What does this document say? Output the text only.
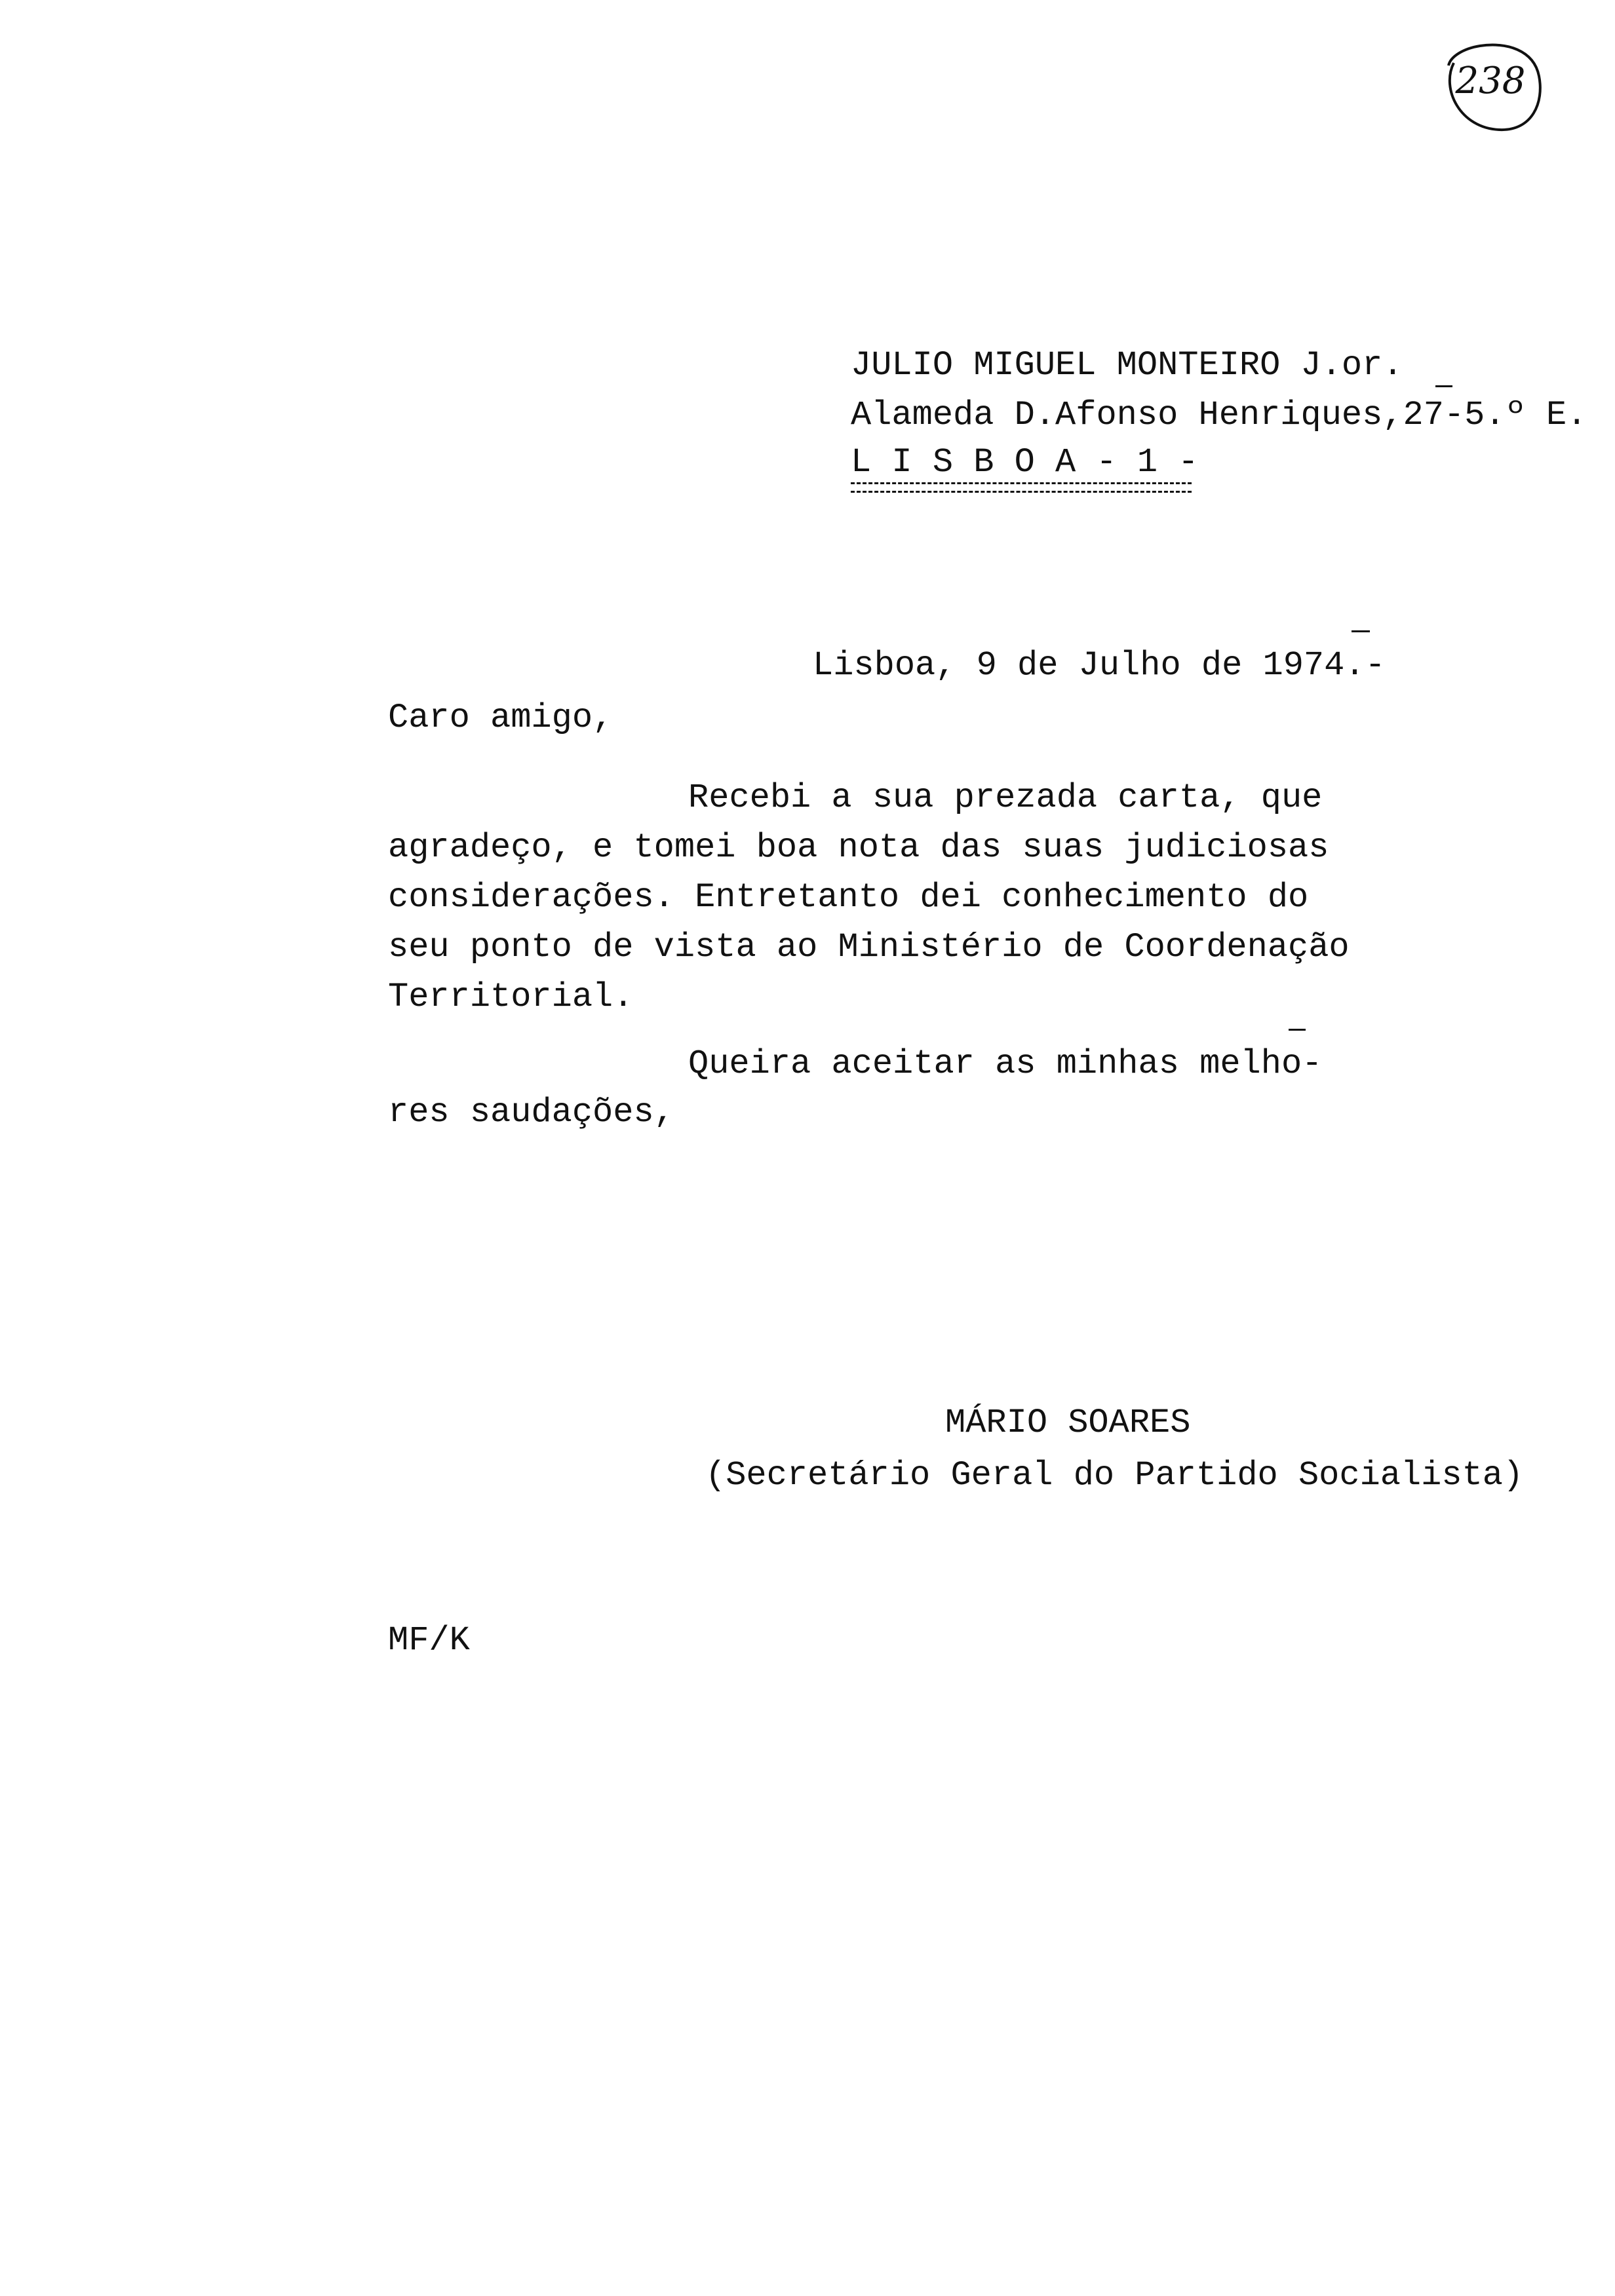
238
JULIO MIGUEL MONTEIRO J.or.
Alameda D.Afonso Henriques,27-5.º E.
L I S B O A - 1 -
Lisboa, 9 de Julho de 1974.-
Caro amigo,
Recebi a sua prezada carta, que
agradeço, e tomei boa nota das suas judiciosas
considerações. Entretanto dei conhecimento do
seu ponto de vista ao Ministério de Coordenação
Territorial.
Queira aceitar as minhas melho-
res saudações,
MÁRIO SOARES
(Secretário Geral do Partido Socialista)
MF/K
